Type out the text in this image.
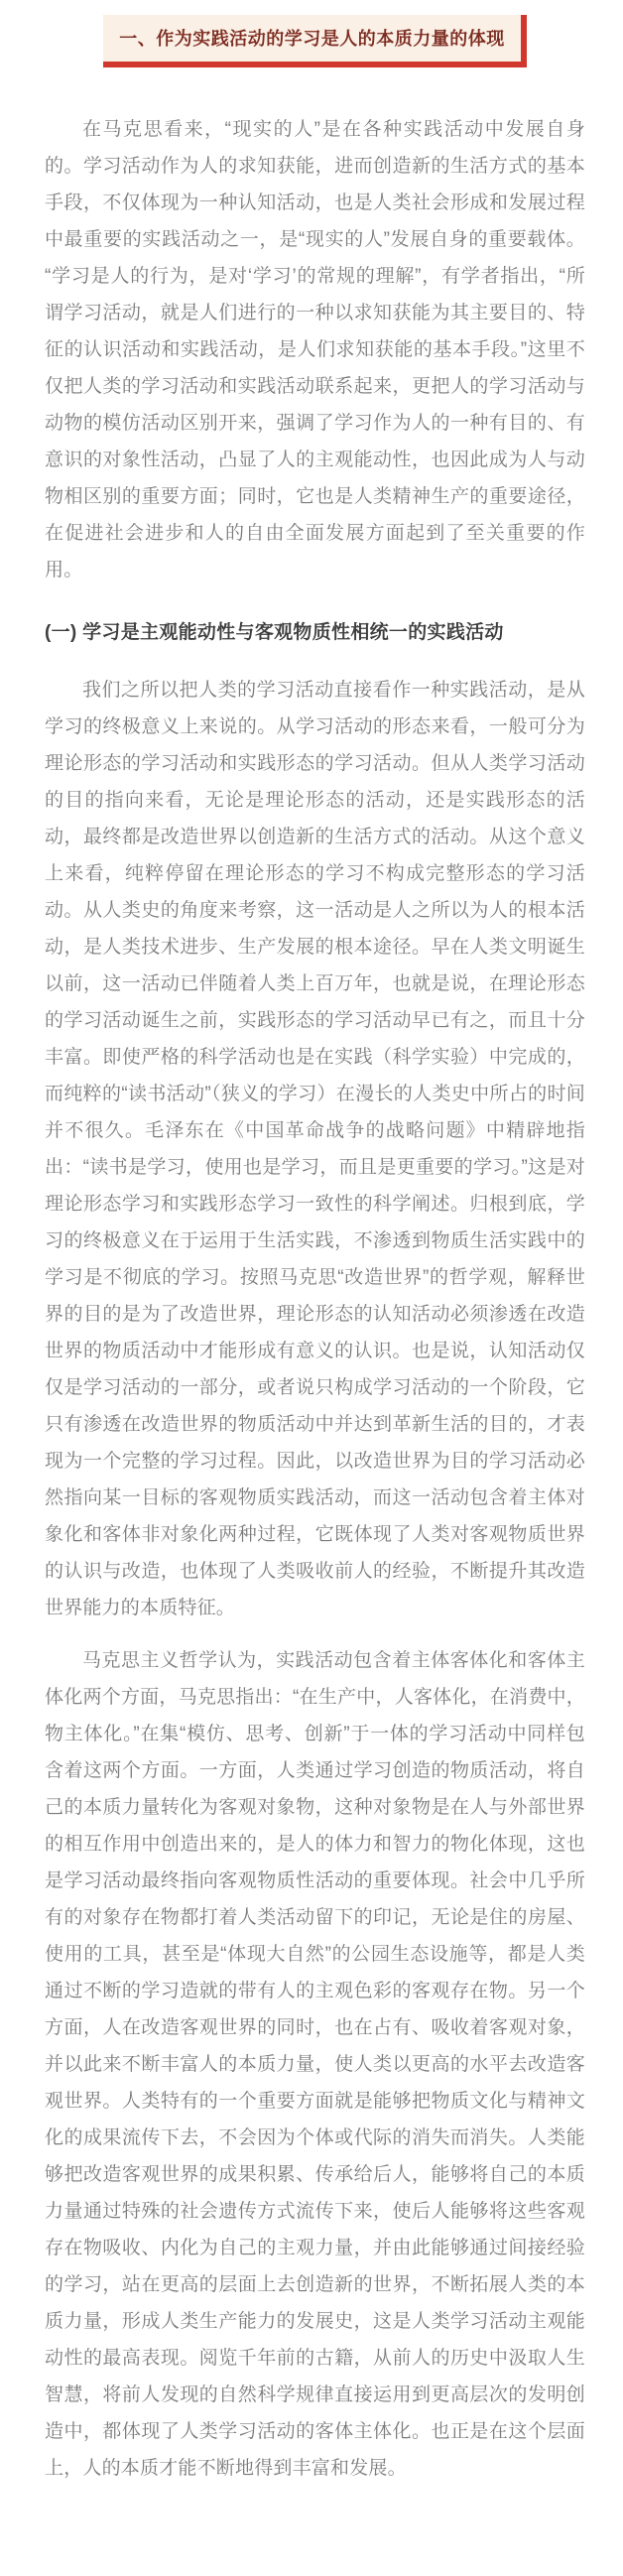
一、作为实践活动的学习是人的本质力量的体现

在马克思看来，“现实的人”是在各种实践活动中发展自身的。学习活动作为人的求知获能，进而创造新的生活方式的基本手段，不仅体现为一种认知活动，也是人类社会形成和发展过程中最重要的实践活动之一，是“现实的人”发展自身的重要载体。“学习是人的行为，是对‘学习’的常规的理解”，有学者指出，“所谓学习活动，就是人们进行的一种以求知获能为其主要目的、特征的认识活动和实践活动，是人们求知获能的基本手段。”这里不仅把人类的学习活动和实践活动联系起来，更把人的学习活动与动物的模仿活动区别开来，强调了学习作为人的一种有目的、有意识的对象性活动，凸显了人的主观能动性，也因此成为人与动物相区别的重要方面；同时，它也是人类精神生产的重要途径，在促进社会进步和人的自由全面发展方面起到了至关重要的作用。

(一) 学习是主观能动性与客观物质性相统一的实践活动

我们之所以把人类的学习活动直接看作一种实践活动，是从学习的终极意义上来说的。从学习活动的形态来看，一般可分为理论形态的学习活动和实践形态的学习活动。但从人类学习活动的目的指向来看，无论是理论形态的活动，还是实践形态的活动，最终都是改造世界以创造新的生活方式的活动。从这个意义上来看，纯粹停留在理论形态的学习不构成完整形态的学习活动。从人类史的角度来考察，这一活动是人之所以为人的根本活动，是人类技术进步、生产发展的根本途径。早在人类文明诞生以前，这一活动已伴随着人类上百万年，也就是说，在理论形态的学习活动诞生之前，实践形态的学习活动早已有之，而且十分丰富。即使严格的科学活动也是在实践（科学实验）中完成的，而纯粹的“读书活动”（狭义的学习）在漫长的人类史中所占的时间并不很久。毛泽东在《中国革命战争的战略问题》中精辟地指出：“读书是学习，使用也是学习，而且是更重要的学习。”这是对理论形态学习和实践形态学习一致性的科学阐述。归根到底，学习的终极意义在于运用于生活实践，不渗透到物质生活实践中的学习是不彻底的学习。按照马克思“改造世界”的哲学观，解释世界的目的是为了改造世界，理论形态的认知活动必须渗透在改造世界的物质活动中才能形成有意义的认识。也是说，认知活动仅仅是学习活动的一部分，或者说只构成学习活动的一个阶段，它只有渗透在改造世界的物质活动中并达到革新生活的目的，才表现为一个完整的学习过程。因此，以改造世界为目的学习活动必然指向某一目标的客观物质实践活动，而这一活动包含着主体对象化和客体非对象化两种过程，它既体现了人类对客观物质世界的认识与改造，也体现了人类吸收前人的经验，不断提升其改造世界能力的本质特征。

马克思主义哲学认为，实践活动包含着主体客体化和客体主体化两个方面，马克思指出：“在生产中，人客体化，在消费中，物主体化。”在集“模仿、思考、创新”于一体的学习活动中同样包含着这两个方面。一方面，人类通过学习创造的物质活动，将自己的本质力量转化为客观对象物，这种对象物是在人与外部世界的相互作用中创造出来的，是人的体力和智力的物化体现，这也是学习活动最终指向客观物质性活动的重要体现。社会中几乎所有的对象存在物都打着人类活动留下的印记，无论是住的房屋、使用的工具，甚至是“体现大自然”的公园生态设施等，都是人类通过不断的学习造就的带有人的主观色彩的客观存在物。另一个方面，人在改造客观世界的同时，也在占有、吸收着客观对象，并以此来不断丰富人的本质力量，使人类以更高的水平去改造客观世界。人类特有的一个重要方面就是能够把物质文化与精神文化的成果流传下去，不会因为个体或代际的消失而消失。人类能够把改造客观世界的成果积累、传承给后人，能够将自己的本质力量通过特殊的社会遗传方式流传下来，使后人能够将这些客观存在物吸收、内化为自己的主观力量，并由此能够通过间接经验的学习，站在更高的层面上去创造新的世界，不断拓展人类的本质力量，形成人类生产能力的发展史，这是人类学习活动主观能动性的最高表现。阅览千年前的古籍，从前人的历史中汲取人生智慧，将前人发现的自然科学规律直接运用到更高层次的发明创造中，都体现了人类学习活动的客体主体化。也正是在这个层面上，人的本质才能不断地得到丰富和发展。
